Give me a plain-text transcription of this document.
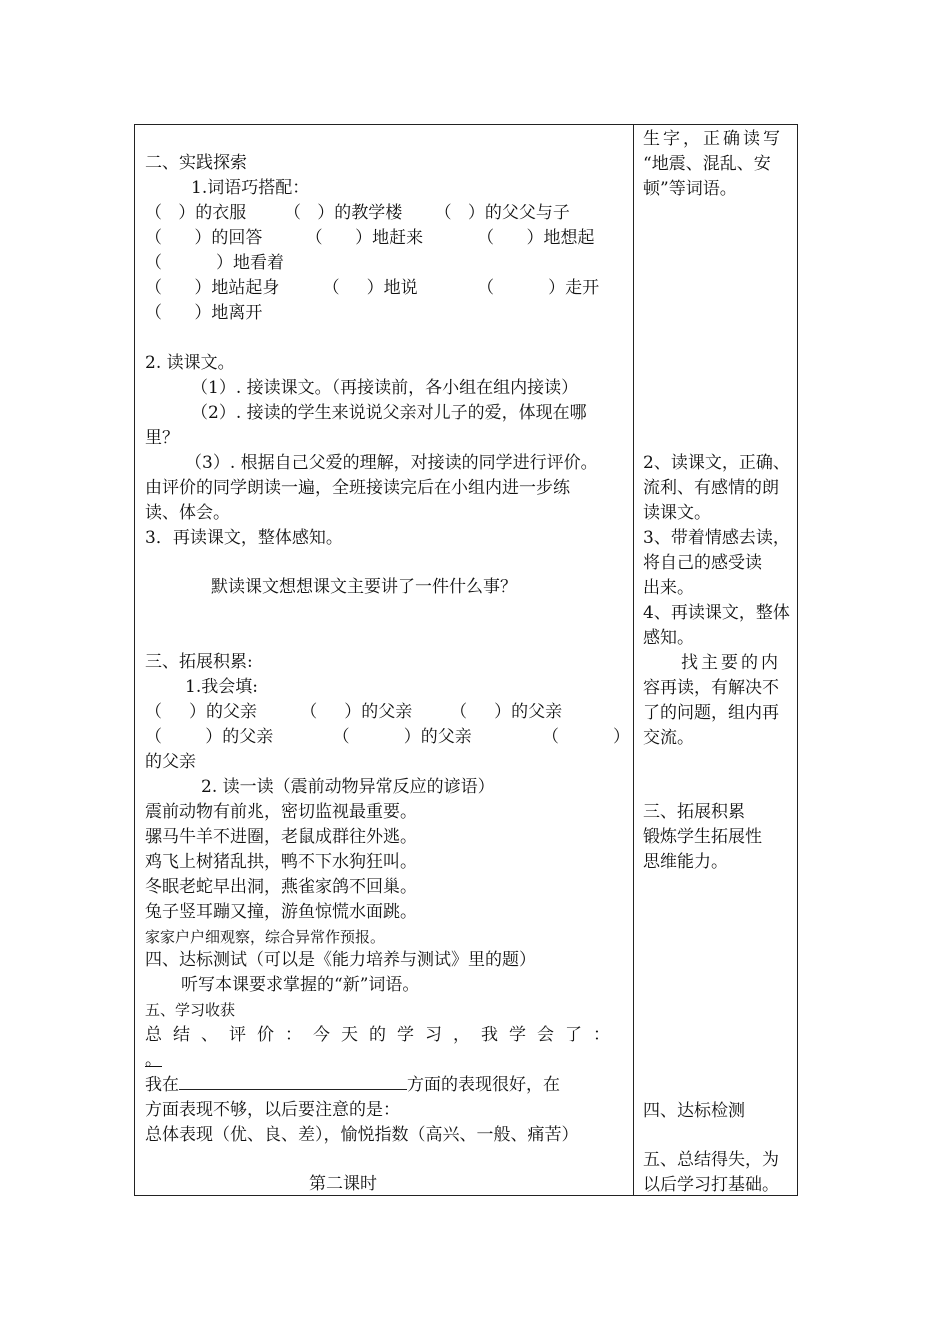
二、实践探索
1.词语巧搭配：
（   ）的衣服       （   ）的教学楼      （   ）的父父与子
（      ）的回答        （      ）地赶来          （      ）地想起
（          ）地看着
（      ）地站起身        （     ）地说           （          ）走开
（      ）地离开
2. 读课文。
（1）. 接读课文。（再接读前，各小组在组内接读）
（2）. 接读的学生来说说父亲对儿子的爱，体现在哪
里？
（3）. 根据自己父爱的理解，对接读的同学进行评价。
由评价的同学朗读一遍，全班接读完后在小组内进一步练
读、体会。
3．再读课文，整体感知。
默读课文想想课文主要讲了一件什么事？
三、拓展积累:
1.我会填:
（     ）的父亲        （     ）的父亲       （     ）的父亲
（        ）的父亲           （          ）的父亲             （          ）
的父亲
2. 读一读（震前动物异常反应的谚语）
震前动物有前兆，密切监视最重要。
骡马牛羊不进圈，老鼠成群往外逃。
鸡飞上树猪乱拱，鸭不下水狗狂叫。
冬眠老蛇早出洞，燕雀家鸽不回巢。
兔子竖耳蹦又撞，游鱼惊慌水面跳。
家家户户细观察，综合异常作预报。
四、达标测试（可以是《能力培养与测试》里的题）
听写本课要求掌握的“新”词语。
五、学习收获
总结、评价：今天的学习，我学会了：
。
我在	方面的表现很好，在
方面表现不够，以后要注意的是：
总体表现（优、良、差），愉悦指数（高兴、一般、痛苦）
第二课时
生字，正确读写
“地震、混乱、安
顿”等词语。
2、读课文，正确、
流利、有感情的朗
读课文。
3、带着情感去读，
将自己的感受读
出来。
4、再读课文，整体
感知。
找主要的内
容再读，有解决不
了的问题，组内再
交流。
三、拓展积累
锻炼学生拓展性
思维能力。
四、达标检测
五、总结得失，为
以后学习打基础。
